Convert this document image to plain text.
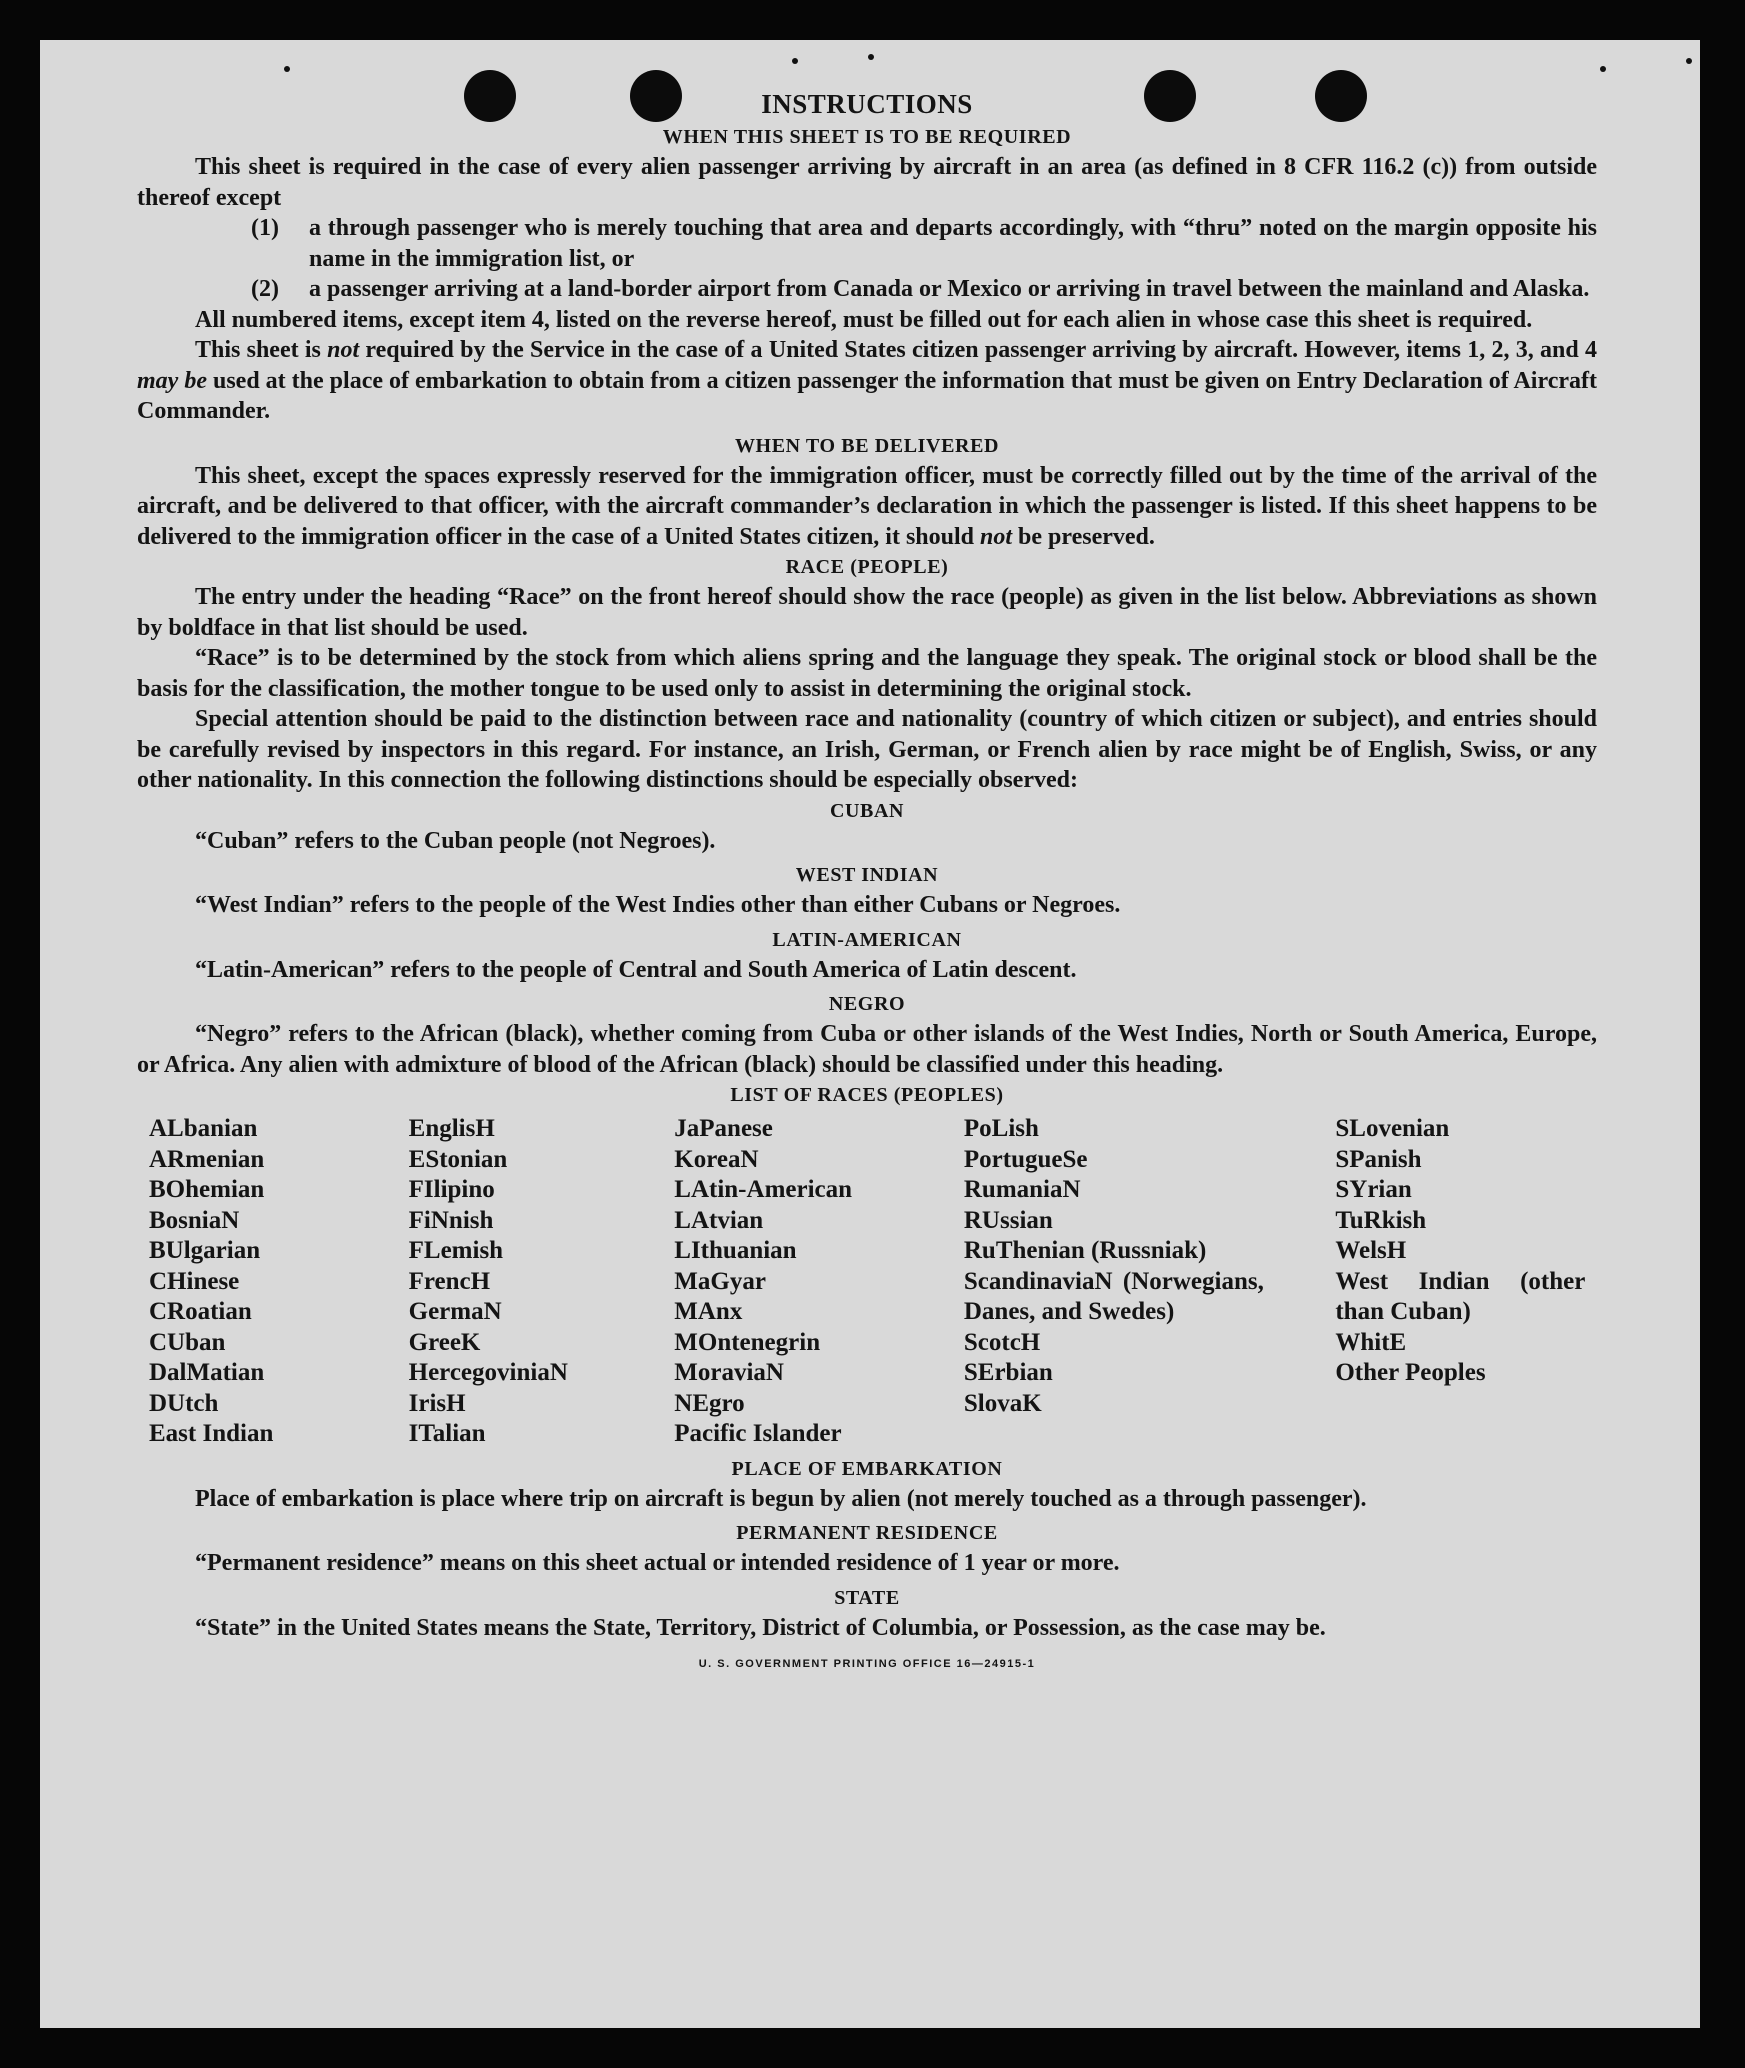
INSTRUCTIONS
WHEN THIS SHEET IS TO BE REQUIRED

This sheet is required in the case of every alien passenger arriving by aircraft in an area (as defined in 8 CFR 116.2 (c)) from outside thereof except

(1)	a through passenger who is merely touching that area and departs accordingly, with “thru” noted on the margin opposite his name in the immigration list, or
(2)	a passenger arriving at a land-border airport from Canada or Mexico or arriving in travel between the mainland and Alaska.

All numbered items, except item 4, listed on the reverse hereof, must be filled out for each alien in whose case this sheet is required.

This sheet is not required by the Service in the case of a United States citizen passenger arriving by aircraft. However, items 1, 2, 3, and 4 may be used at the place of embarkation to obtain from a citizen passenger the information that must be given on Entry Declaration of Aircraft Commander.

WHEN TO BE DELIVERED

This sheet, except the spaces expressly reserved for the immigration officer, must be correctly filled out by the time of the arrival of the aircraft, and be delivered to that officer, with the aircraft commander’s declaration in which the passenger is listed. If this sheet happens to be delivered to the immigration officer in the case of a United States citizen, it should not be preserved.

RACE (PEOPLE)

The entry under the heading “Race” on the front hereof should show the race (people) as given in the list below. Abbreviations as shown by boldface in that list should be used.

“Race” is to be determined by the stock from which aliens spring and the language they speak. The original stock or blood shall be the basis for the classification, the mother tongue to be used only to assist in determining the original stock.

Special attention should be paid to the distinction between race and nationality (country of which citizen or subject), and entries should be carefully revised by inspectors in this regard. For instance, an Irish, German, or French alien by race might be of English, Swiss, or any other nationality. In this connection the following distinctions should be especially observed:

CUBAN

“Cuban” refers to the Cuban people (not Negroes).

WEST INDIAN

“West Indian” refers to the people of the West Indies other than either Cubans or Negroes.

LATIN-AMERICAN

“Latin-American” refers to the people of Central and South America of Latin descent.

NEGRO

“Negro” refers to the African (black), whether coming from Cuba or other islands of the West Indies, North or South America, Europe, or Africa. Any alien with admixture of blood of the African (black) should be classified under this heading.

LIST OF RACES (PEOPLES)
ALbanian
ARmenian
BOhemian
BosniaN
BUlgarian
CHinese
CRoatian
CUban
DalMatian
DUtch
East Indian
EnglisH
EStonian
FIlipino
FiNnish
FLemish
FrencH
GermaN
GreeK
HercegoviniaN
IrisH
ITalian
JaPanese
KoreaN
LAtin-American
LAtvian
LIthuanian
MaGyar
MAnx
MOntenegrin
MoraviaN
NEgro
Pacific Islander
PoLish
PortugueSe
RumaniaN
RUssian
RuThenian (Russniak)
ScandinaviaN (Norwegians, Danes, and Swedes)
ScotcH
SErbian
SlovaK
SLovenian
SPanish
SYrian
TuRkish
WelsH
West Indian (other than Cuban)
WhitE
Other Peoples
PLACE OF EMBARKATION

Place of embarkation is place where trip on aircraft is begun by alien (not merely touched as a through passenger).

PERMANENT RESIDENCE

“Permanent residence” means on this sheet actual or intended residence of 1 year or more.

STATE

“State” in the United States means the State, Territory, District of Columbia, or Possession, as the case may be.

U. S. GOVERNMENT PRINTING OFFICE 16—24915-1
